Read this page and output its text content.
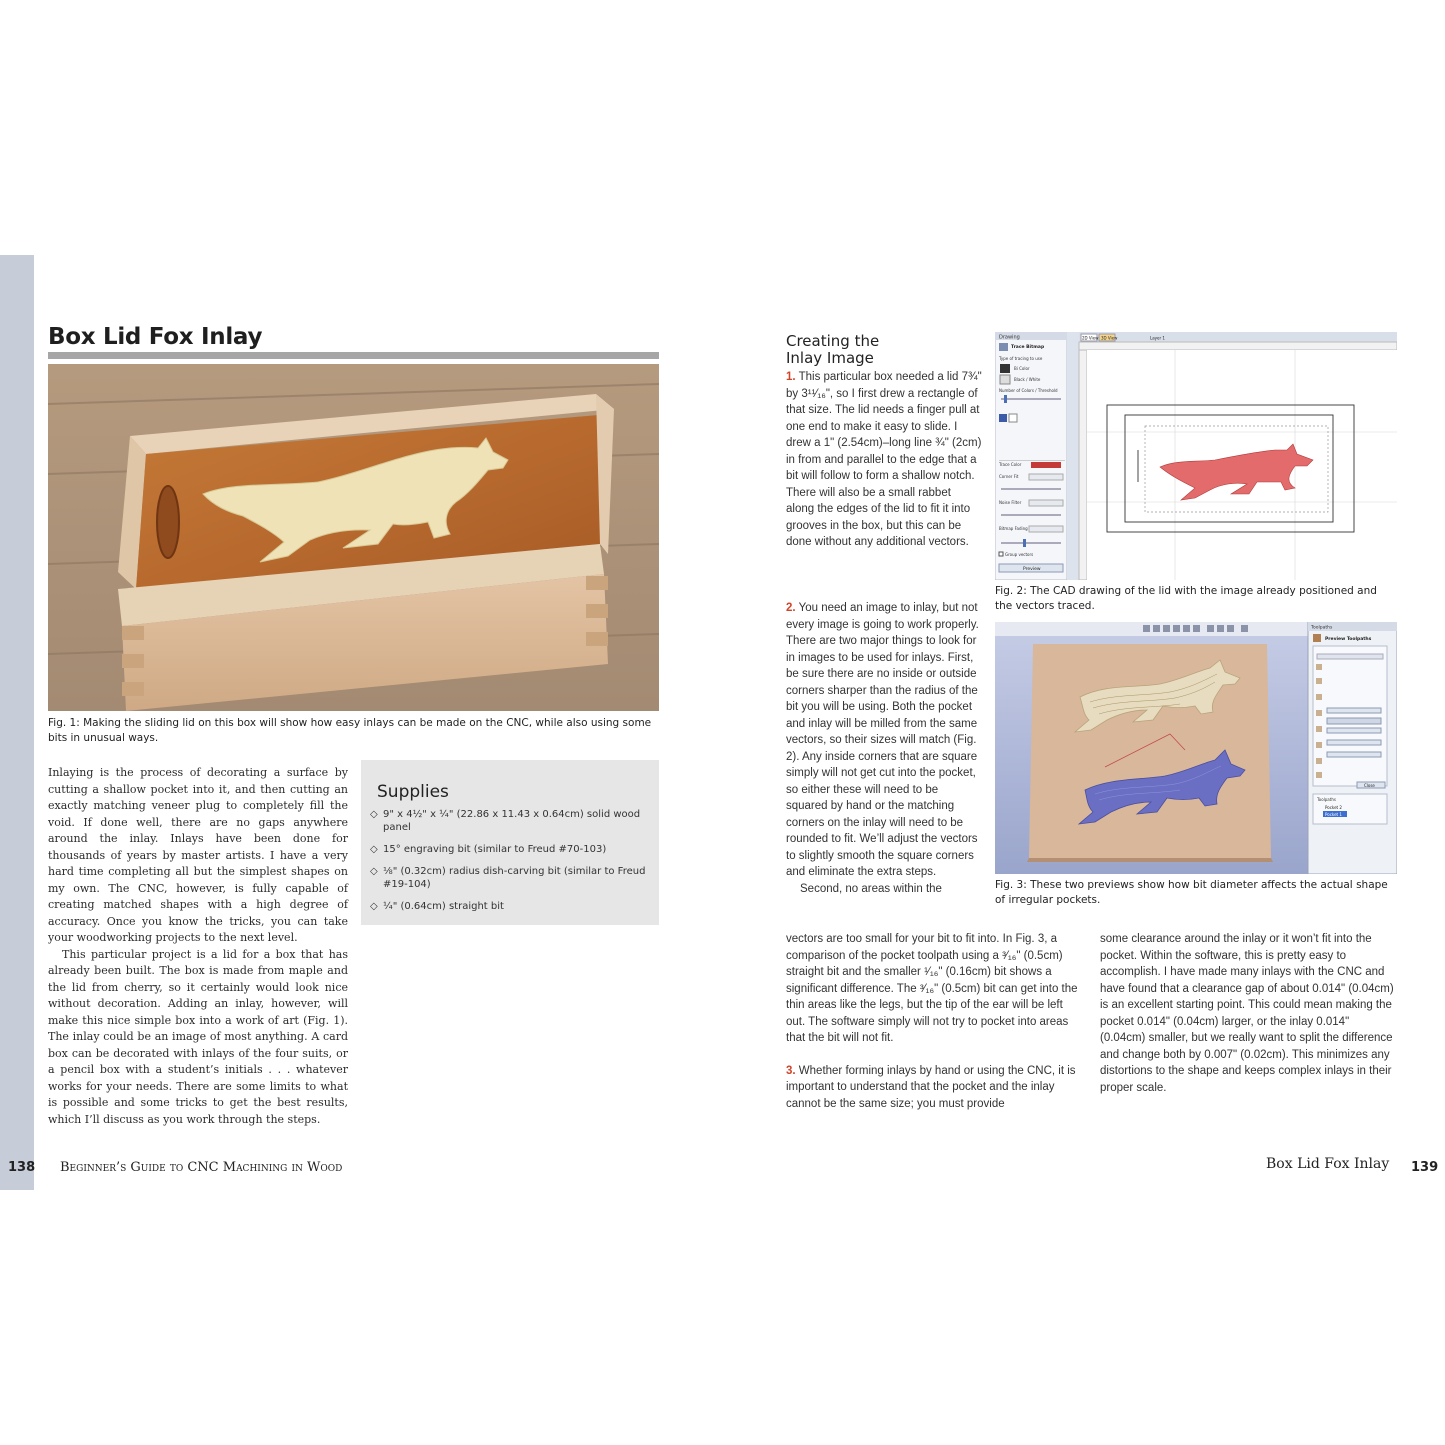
Box Lid Fox Inlay
Fig. 1: Making the sliding lid on this box will show how easy inlays can be made on the CNC, while also using some bits in unusual ways.

Inlaying is the process of decorating a surface by cutting a shallow pocket into it, and then cutting an exactly matching veneer plug to completely fill the void. If done well, there are no gaps anywhere around the inlay. Inlays have been done for thousands of years by master artists. I have a very hard time completing all but the simplest shapes on my own. The CNC, however, is fully capable of creating matched shapes with a high degree of accuracy. Once you know the tricks, you can take your woodworking projects to the next level.

This particular project is a lid for a box that has already been built. The box is made from maple and the lid from cherry, so it certainly would look nice without decoration. Adding an inlay, however, will make this nice simple box into a work of art (Fig. 1). The inlay could be an image of most anything. A card box can be decorated with inlays of the four suits, or a pencil box with a student’s initials . . . whatever works for your needs. There are some limits to what is possible and some tricks to get the best results, which I’ll discuss as you work through the steps.

Supplies
◇ 9" x 4½" x ¼" (22.86 x 11.43 x 0.64cm) solid wood panel
◇ 15° engraving bit (similar to Freud #70-103)
◇ ⅛" (0.32cm) radius dish-carving bit (similar to Freud #19-104)
◇ ¼" (0.64cm) straight bit
138 Beginner’s Guide to CNC Machining in Wood
Creating the Inlay Image

1. This particular box needed a lid 7¾" by 3¹¹⁄₁₆", so I first drew a rectangle of that size. The lid needs a finger pull at one end to make it easy to slide. I drew a 1" (2.54cm)–long line ¾" (2cm) in from and parallel to the edge that a bit will follow to form a shallow notch. There will also be a small rabbet along the edges of the lid to fit it into grooves in the box, but this can be done without any additional vectors.

2. You need an image to inlay, but not every image is going to work properly. There are two major things to look for in images to be used for inlays. First, be sure there are no inside or outside corners sharper than the radius of the bit you will be using. Both the pocket and inlay will be milled from the same vectors, so their sizes will match (Fig. 2). Any inside corners that are square simply will not get cut into the pocket, so either these will need to be squared by hand or the matching corners on the inlay will need to be rounded to fit. We’ll adjust the vectors to slightly smooth the square corners and eliminate the extra steps.

Second, no areas within the

vectors are too small for your bit to fit into. In Fig. 3, a comparison of the pocket toolpath using a ³⁄₁₆" (0.5cm) straight bit and the smaller ¹⁄₁₆" (0.16cm) bit shows a significant difference. The ³⁄₁₆" (0.5cm) bit can get into the thin areas like the legs, but the tip of the ear will be left out. The software simply will not try to pocket into areas that the bit will not fit.

3. Whether forming inlays by hand or using the CNC, it is important to understand that the pocket and the inlay cannot be the same size; you must provide

some clearance around the inlay or it won’t fit into the pocket. Within the software, this is pretty easy to accomplish. I have made many inlays with the CNC and have found that a clearance gap of about 0.014" (0.04cm) is an excellent starting point. This could mean making the pocket 0.014" (0.04cm) larger, or the inlay 0.014" (0.04cm) smaller, but we really want to split the difference and change both by 0.007" (0.02cm). This minimizes any distortions to the shape and keeps complex inlays in their proper scale.

Drawing
Trace Bitmap
Type of tracing to use
Bi Color
Black / White
Number of Colors / Threshold
Trace Color
Corner Fit
Noise Filter
Bitmap Fading
Group vectors
Preview
2D View 3D View	Layer 1
Fig. 2: The CAD drawing of the lid with the image already positioned and the vectors traced.
Toolpaths
Preview Toolpaths
Close
Toolpaths
Pocket 2
Pocket 1
Fig. 3: These two previews show how bit diameter affects the actual shape of irregular pockets.
Box Lid Fox Inlay 139
